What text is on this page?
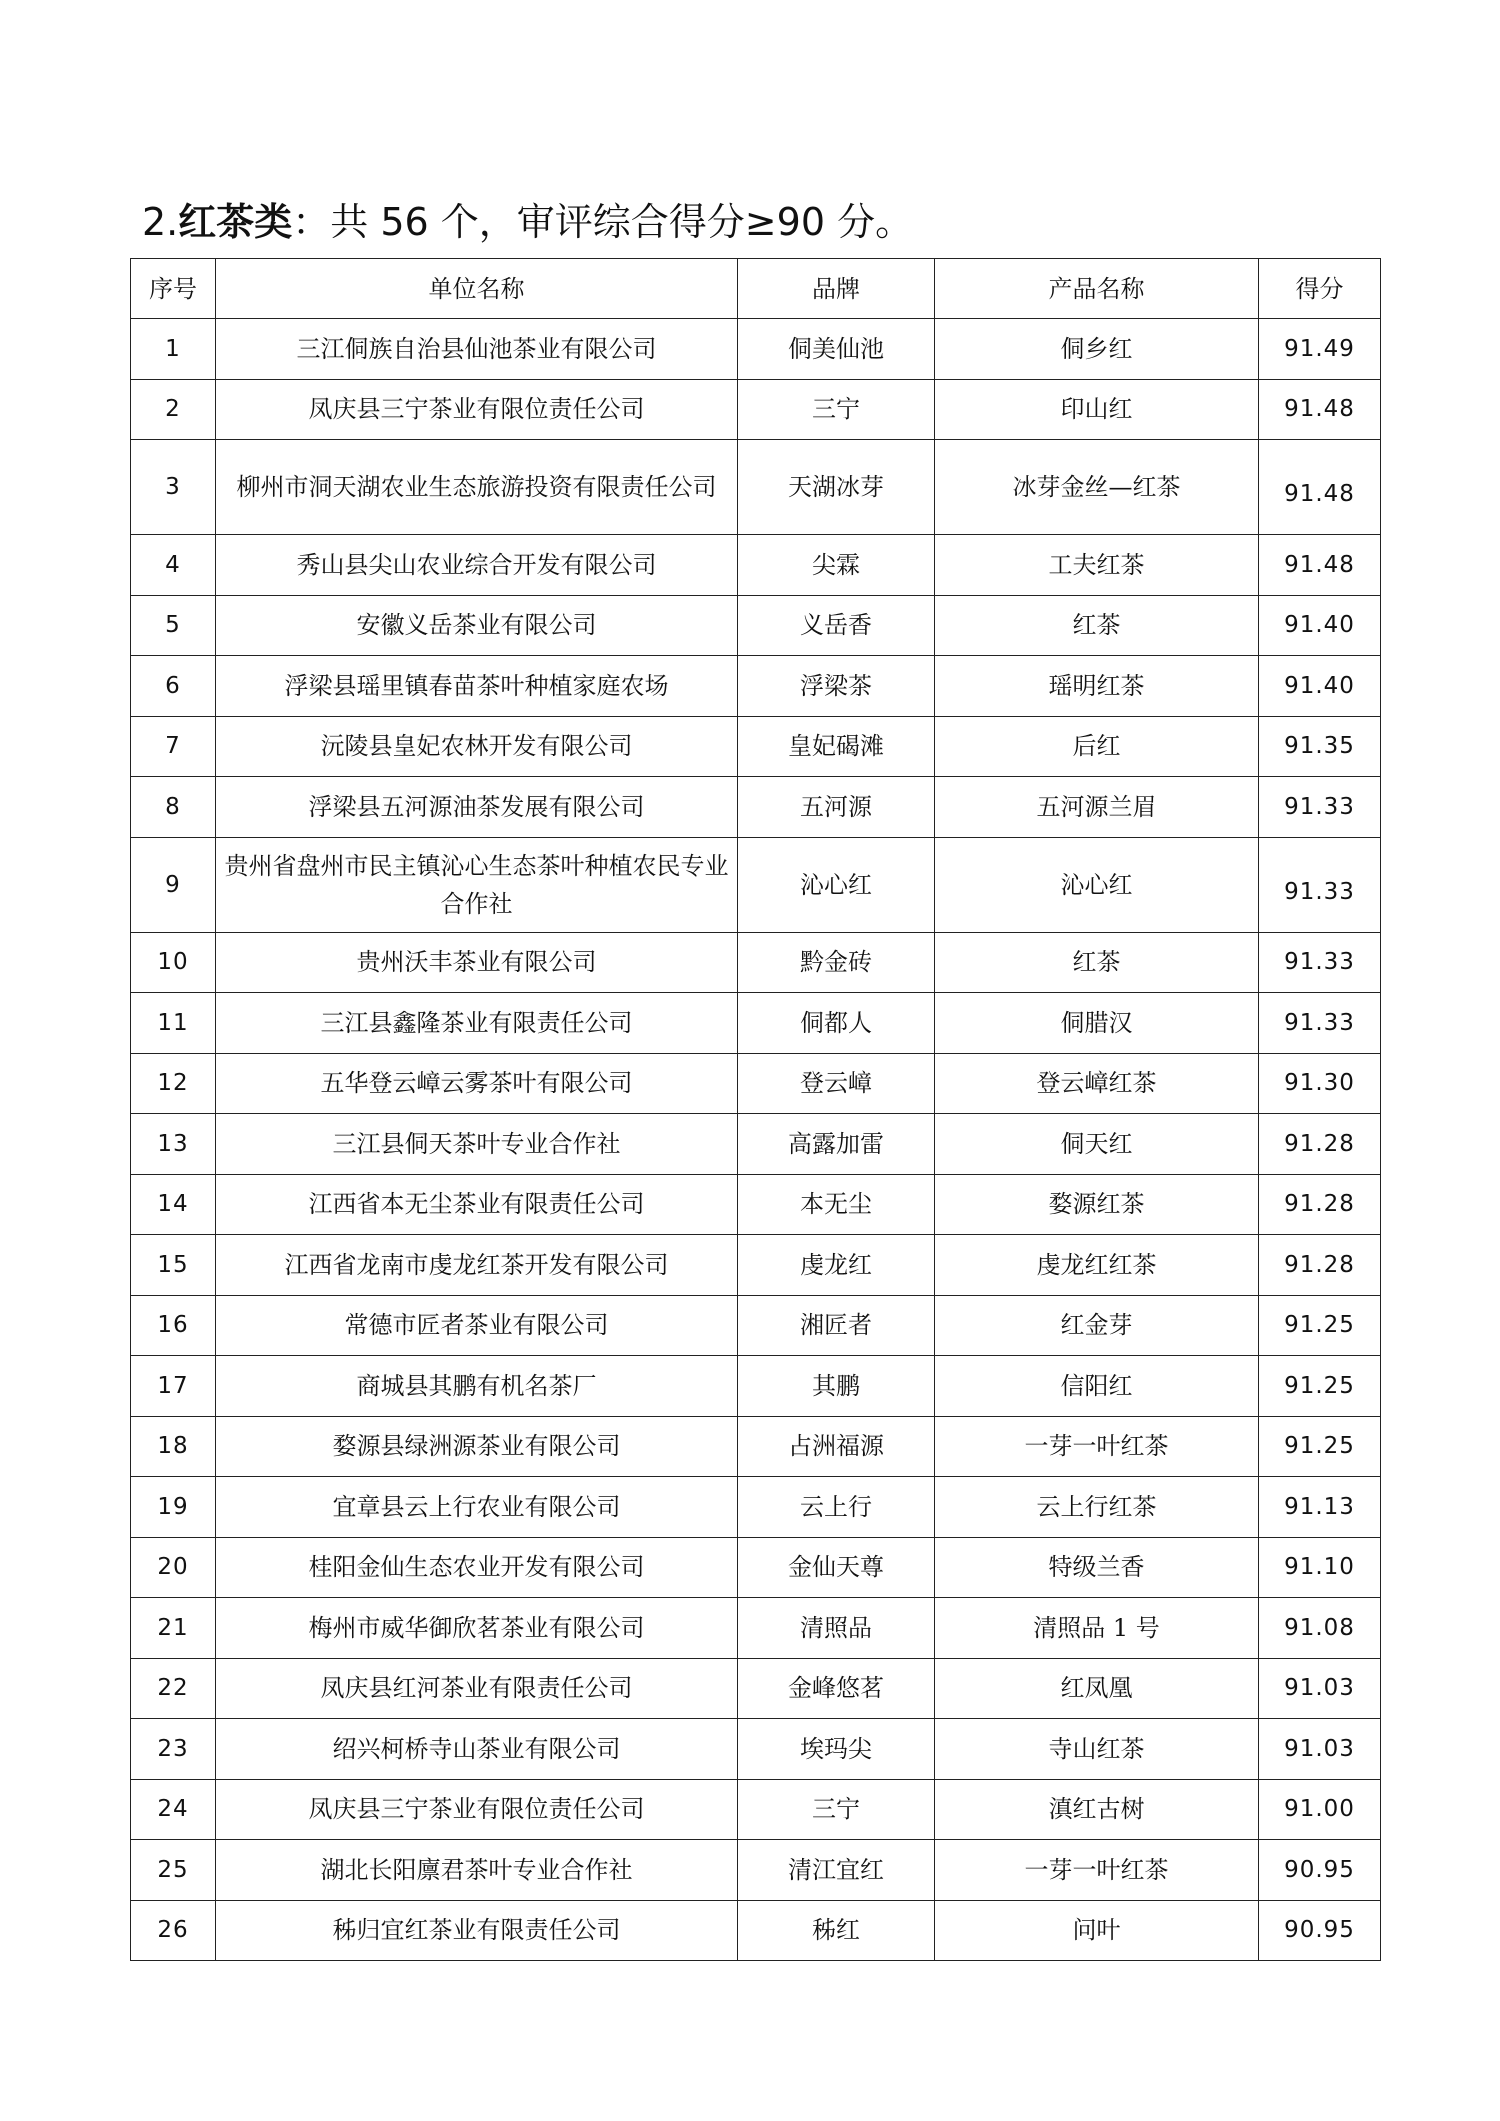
2.红茶类：共 56 个，审评综合得分≥90 分。
序号	单位名称	品牌	产品名称	得分
1	三江侗族自治县仙池茶业有限公司	侗美仙池	侗乡红	91.49
2	凤庆县三宁茶业有限位责任公司	三宁	印山红	91.48
3	柳州市洞天湖农业生态旅游投资有限责任公司	天湖冰芽	冰芽金丝—红茶	91.48
4	秀山县尖山农业综合开发有限公司	尖霖	工夫红茶	91.48
5	安徽义岳茶业有限公司	义岳香	红茶	91.40
6	浮梁县瑶里镇春苗茶叶种植家庭农场	浮梁茶	瑶明红茶	91.40
7	沅陵县皇妃农林开发有限公司	皇妃碣滩	后红	91.35
8	浮梁县五河源油茶发展有限公司	五河源	五河源兰眉	91.33
9	贵州省盘州市民主镇沁心生态茶叶种植农民专业合作社	沁心红	沁心红	91.33
10	贵州沃丰茶业有限公司	黔金砖	红茶	91.33
11	三江县鑫隆茶业有限责任公司	侗都人	侗腊汉	91.33
12	五华登云嶂云雾茶叶有限公司	登云嶂	登云嶂红茶	91.30
13	三江县侗天茶叶专业合作社	高露加雷	侗天红	91.28
14	江西省本无尘茶业有限责任公司	本无尘	婺源红茶	91.28
15	江西省龙南市虔龙红茶开发有限公司	虔龙红	虔龙红红茶	91.28
16	常德市匠者茶业有限公司	湘匠者	红金芽	91.25
17	商城县其鹏有机名茶厂	其鹏	信阳红	91.25
18	婺源县绿洲源茶业有限公司	占洲福源	一芽一叶红茶	91.25
19	宜章县云上行农业有限公司	云上行	云上行红茶	91.13
20	桂阳金仙生态农业开发有限公司	金仙天尊	特级兰香	91.10
21	梅州市威华御欣茗茶业有限公司	清照品	清照品 1 号	91.08
22	凤庆县红河茶业有限责任公司	金峰悠茗	红凤凰	91.03
23	绍兴柯桥寺山茶业有限公司	埃玛尖	寺山红茶	91.03
24	凤庆县三宁茶业有限位责任公司	三宁	滇红古树	91.00
25	湖北长阳廪君茶叶专业合作社	清江宜红	一芽一叶红茶	90.95
26	秭归宜红茶业有限责任公司	秭红	问叶	90.95
